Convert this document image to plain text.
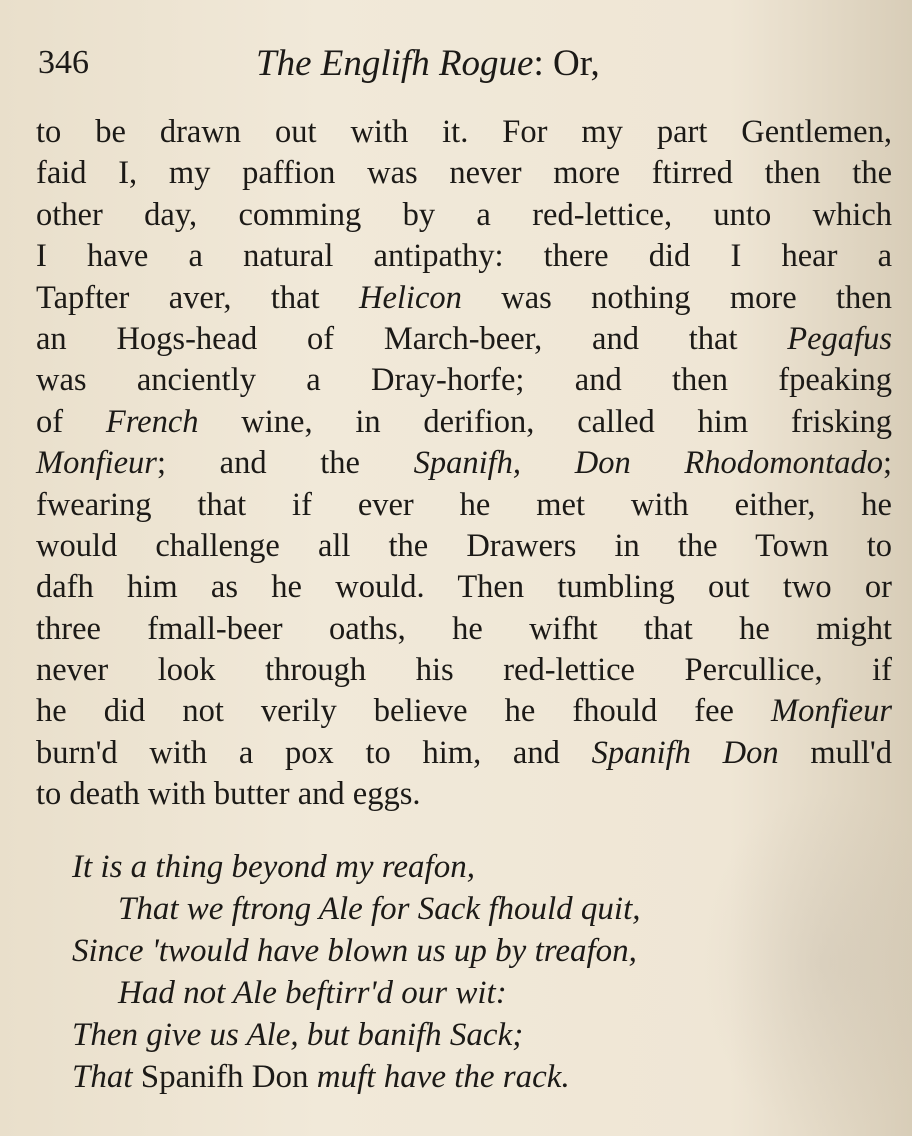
346	The Englifh Rogue: Or,
to be drawn out with it. For my part Gentlemen,
faid I, my paffion was never more ftirred then the
other day, comming by a red-lettice, unto which
I have a natural antipathy: there did I hear a
Tapfter aver, that Helicon was nothing more then
an Hogs-head of March-beer, and that Pegafus
was anciently a Dray-horfe; and then fpeaking
of French wine, in derifion, called him frisking
Monfieur; and the Spanifh, Don Rhodomontado;
fwearing that if ever he met with either, he
would challenge all the Drawers in the Town to
dafh him as he would. Then tumbling out two or
three fmall-beer oaths, he wifht that he might
never look through his red-lettice Percullice, if
he did not verily believe he fhould fee Monfieur
burn'd with a pox to him, and Spanifh Don mull'd
to death with butter and eggs.
It is a thing beyond my reafon,
That we ftrong Ale for Sack fhould quit,
Since 'twould have blown us up by treafon,
Had not Ale beftirr'd our wit:
Then give us Ale, but banifh Sack;
That Spanifh Don muft have the rack.
